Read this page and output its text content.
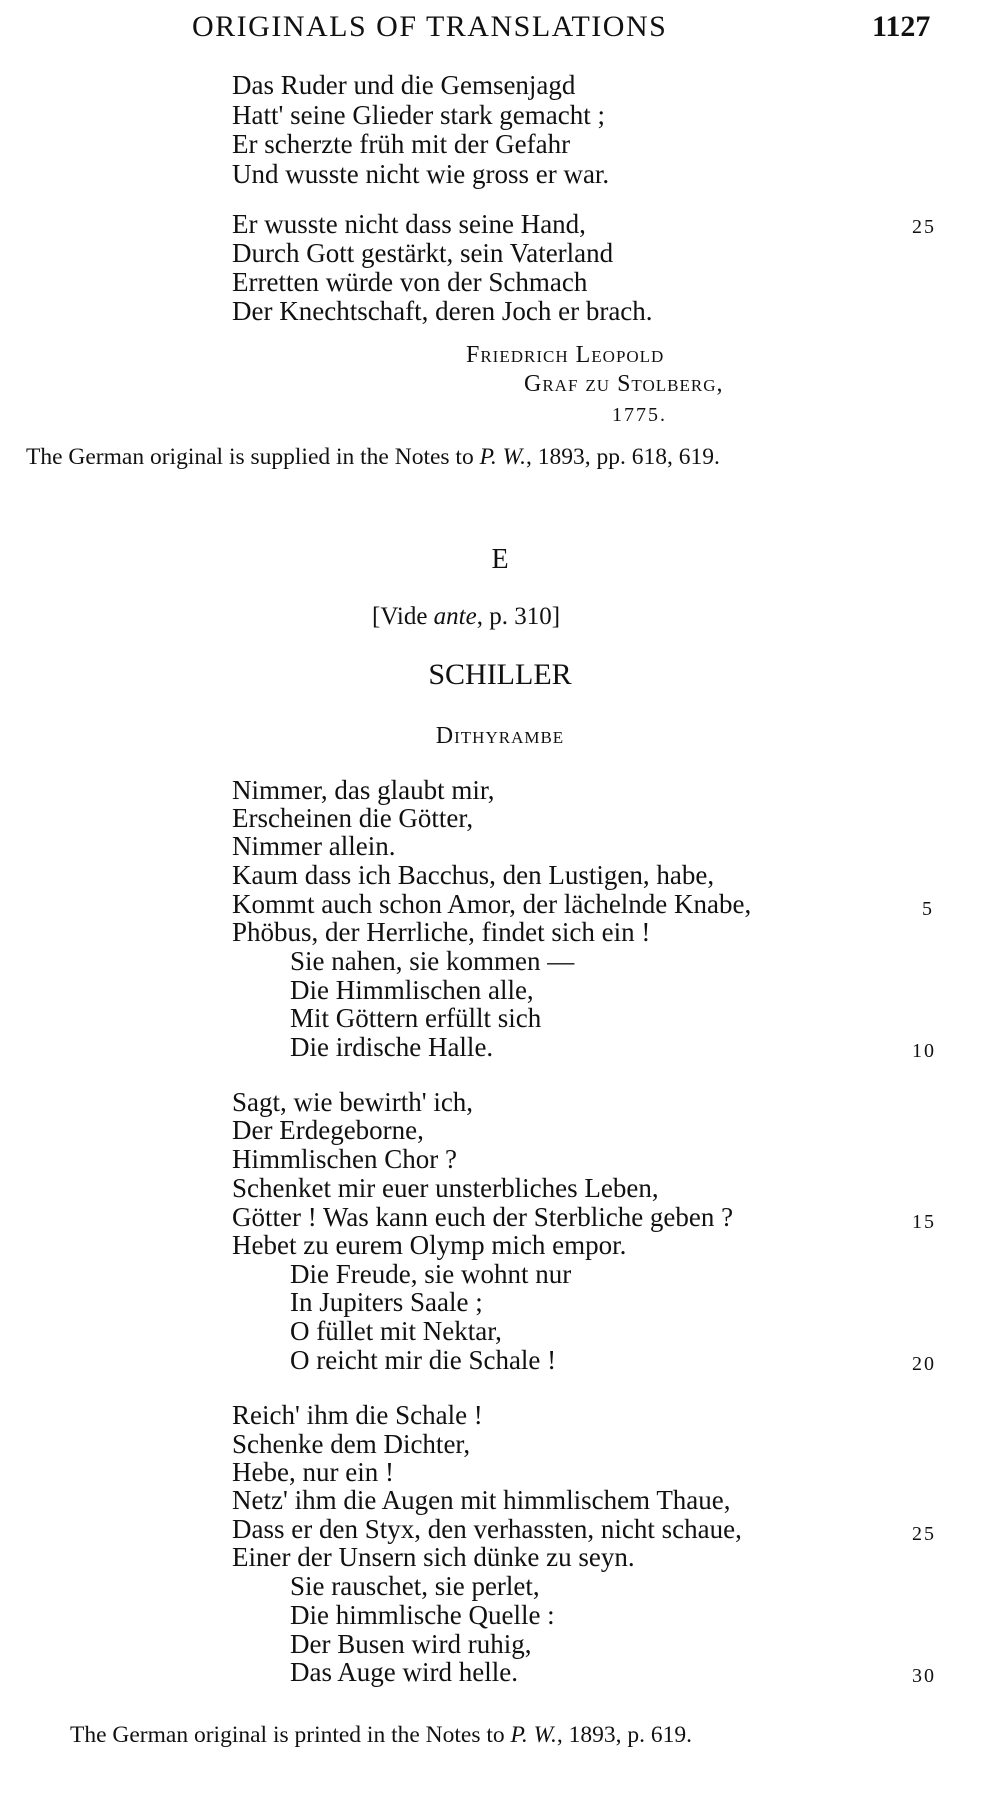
ORIGINALS OF TRANSLATIONS	1127
Das Ruder und die Gemsenjagd
Hatt' seine Glieder stark gemacht ;
Er scherzte früh mit der Gefahr
Und wusste nicht wie gross er war.
Er wusste nicht dass seine Hand,
Durch Gott gestärkt, sein Vaterland
Erretten würde von der Schmach
Der Knechtschaft, deren Joch er brach.
25
Friedrich Leopold
Graf zu Stolberg,
1775.
The German original is supplied in the Notes to P. W., 1893, pp. 618, 619.
E
[Vide ante, p. 310]
SCHILLER
Dithyrambe
Nimmer, das glaubt mir,
Erscheinen die Götter,
Nimmer allein.
Kaum dass ich Bacchus, den Lustigen, habe,
Kommt auch schon Amor, der lächelnde Knabe,
Phöbus, der Herrliche, findet sich ein !
Sie nahen, sie kommen —
Die Himmlischen alle,
Mit Göttern erfüllt sich
Die irdische Halle.
5
10
Sagt, wie bewirth' ich,
Der Erdegeborne,
Himmlischen Chor ?
Schenket mir euer unsterbliches Leben,
Götter ! Was kann euch der Sterbliche geben ?
Hebet zu eurem Olymp mich empor.
Die Freude, sie wohnt nur
In Jupiters Saale ;
O füllet mit Nektar,
O reicht mir die Schale !
15
20
Reich' ihm die Schale !
Schenke dem Dichter,
Hebe, nur ein !
Netz' ihm die Augen mit himmlischem Thaue,
Dass er den Styx, den verhassten, nicht schaue,
Einer der Unsern sich dünke zu seyn.
Sie rauschet, sie perlet,
Die himmlische Quelle :
Der Busen wird ruhig,
Das Auge wird helle.
25
30
The German original is printed in the Notes to P. W., 1893, p. 619.
